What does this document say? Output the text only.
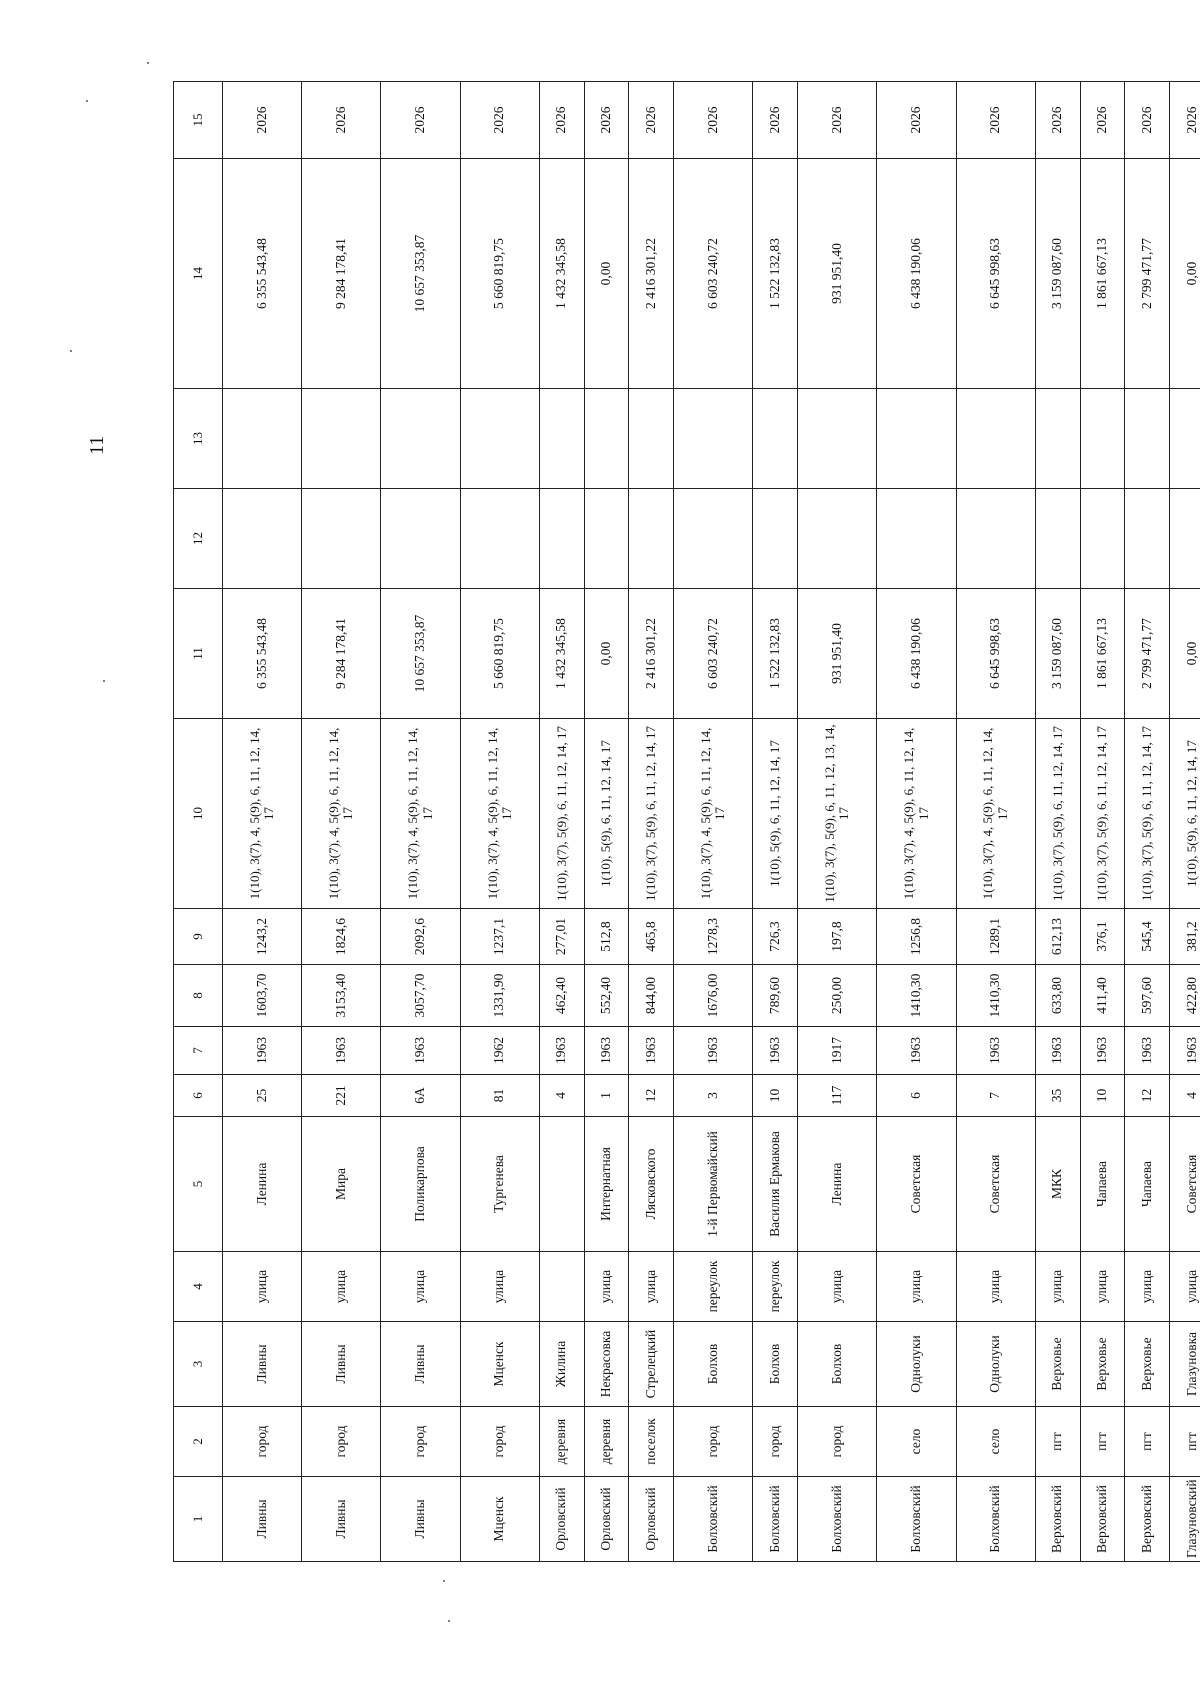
11
1	2	3	4	5	6	7	8	9	10	11	12	13	14	15
Ливны	город	Ливны	улица	Ленина	25	1963	1603,70	1243,2	1(10), 3(7), 4, 5(9), 6, 11, 12, 14, 17	6 355 543,48			6 355 543,48	2026
Ливны	город	Ливны	улица	Мира	221	1963	3153,40	1824,6	1(10), 3(7), 4, 5(9), 6, 11, 12, 14, 17	9 284 178,41			9 284 178,41	2026
Ливны	город	Ливны	улица	Поликарпова	6А	1963	3057,70	2092,6	1(10), 3(7), 4, 5(9), 6, 11, 12, 14, 17	10 657 353,87			10 657 353,87	2026
Мценск	город	Мценск	улица	Тургенева	81	1962	1331,90	1237,1	1(10), 3(7), 4, 5(9), 6, 11, 12, 14, 17	5 660 819,75			5 660 819,75	2026
Орловский	деревня	Жилина			4	1963	462,40	277,01	1(10), 3(7), 5(9), 6, 11, 12, 14, 17	1 432 345,58			1 432 345,58	2026
Орловский	деревня	Некрасовка	улица	Интернатная	1	1963	552,40	512,8	1(10), 5(9), 6, 11, 12, 14, 17	0,00			0,00	2026
Орловский	поселок	Стрелецкий	улица	Лясковского	12	1963	844,00	465,8	1(10), 3(7), 5(9), 6, 11, 12, 14, 17	2 416 301,22			2 416 301,22	2026
Болховский	город	Болхов	переулок	1-й Первомайский	3	1963	1676,00	1278,3	1(10), 3(7), 4, 5(9), 6, 11, 12, 14, 17	6 603 240,72			6 603 240,72	2026
Болховский	город	Болхов	переулок	Василия Ермакова	10	1963	789,60	726,3	1(10), 5(9), 6, 11, 12, 14, 17	1 522 132,83			1 522 132,83	2026
Болховский	город	Болхов	улица	Ленина	117	1917	250,00	197,8	1(10), 3(7), 5(9), 6, 11, 12, 13, 14, 17	931 951,40			931 951,40	2026
Болховский	село	Однолуки	улица	Советская	6	1963	1410,30	1256,8	1(10), 3(7), 4, 5(9), 6, 11, 12, 14, 17	6 438 190,06			6 438 190,06	2026
Болховский	село	Однолуки	улица	Советская	7	1963	1410,30	1289,1	1(10), 3(7), 4, 5(9), 6, 11, 12, 14, 17	6 645 998,63			6 645 998,63	2026
Верховский	пгт	Верховье	улица	МКК	35	1963	633,80	612,13	1(10), 3(7), 5(9), 6, 11, 12, 14, 17	3 159 087,60			3 159 087,60	2026
Верховский	пгт	Верховье	улица	Чапаева	10	1963	411,40	376,1	1(10), 3(7), 5(9), 6, 11, 12, 14, 17	1 861 667,13			1 861 667,13	2026
Верховский	пгт	Верховье	улица	Чапаева	12	1963	597,60	545,4	1(10), 3(7), 5(9), 6, 11, 12, 14, 17	2 799 471,77			2 799 471,77	2026
Глазуновский	пгт	Глазуновка	улица	Советская	4	1963	422,80	381,2	1(10), 5(9), 6, 11, 12, 14, 17	0,00			0,00	2026
